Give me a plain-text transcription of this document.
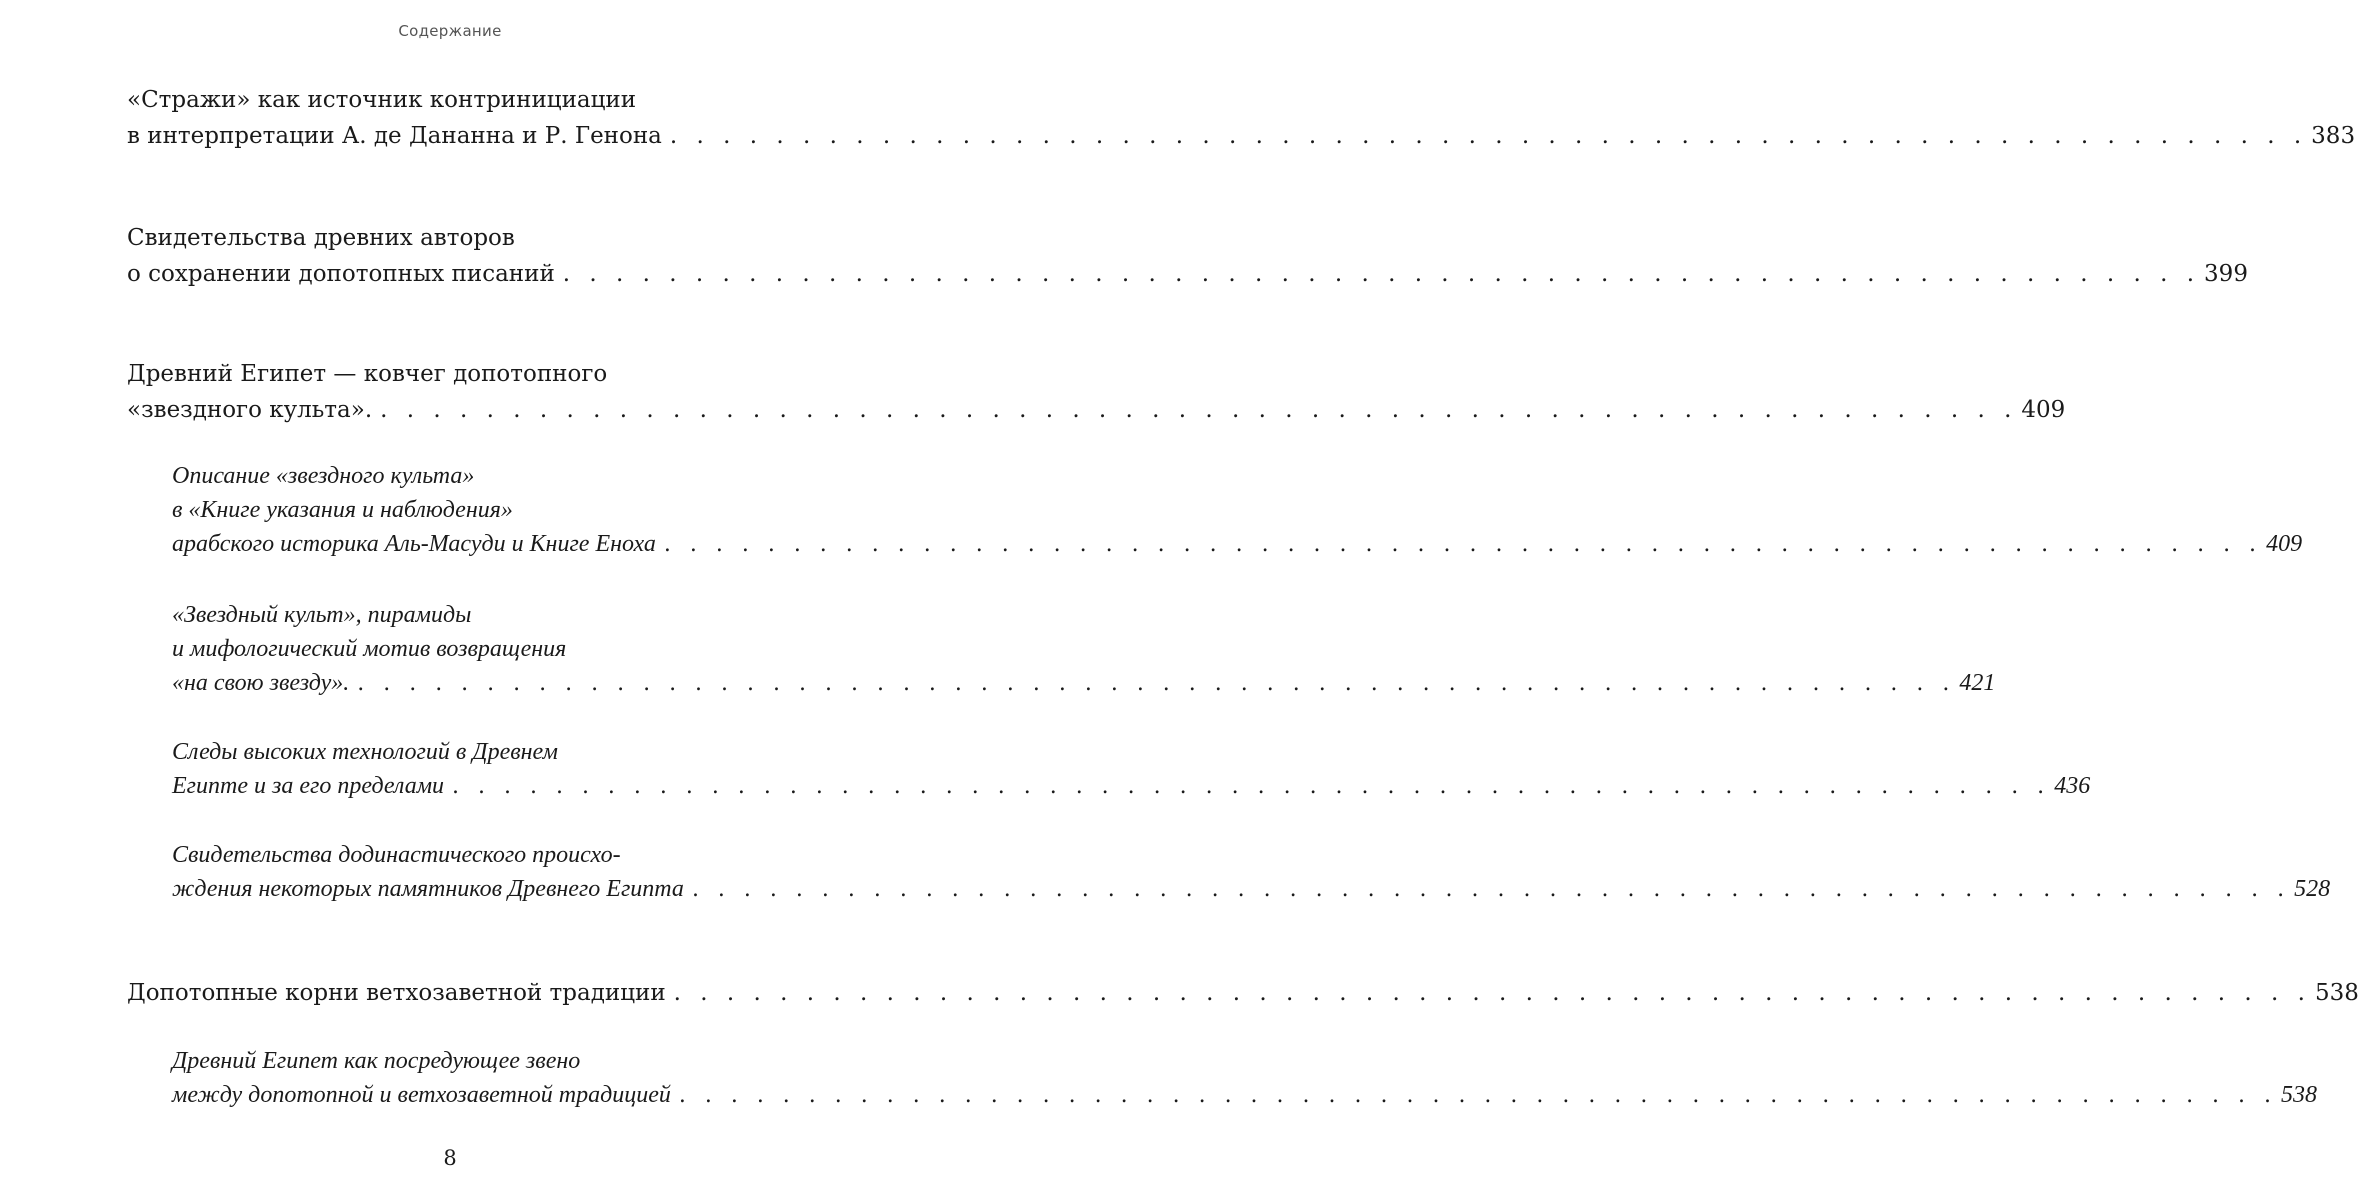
Содержание
«Стражи» как источник контринициации
в интерпретации А. де Дананна и Р. Генона . . . . . . . . . . . . . . . . . . . . . . . . . . . . . . . . . . . . . . . . . . . . . . . . . . . . . . . . . . . . . . 383
Свидетельства древних авторов
о сохранении допотопных писаний . . . . . . . . . . . . . . . . . . . . . . . . . . . . . . . . . . . . . . . . . . . . . . . . . . . . . . . . . . . . . . 399
Древний Египет — ковчег допотопного
«звездного культа». . . . . . . . . . . . . . . . . . . . . . . . . . . . . . . . . . . . . . . . . . . . . . . . . . . . . . . . . . . . . . . 409
Описание «звездного культа»
в «Книге указания и наблюдения»
арабского историка Аль-Масуди и Книге Еноха . . . . . . . . . . . . . . . . . . . . . . . . . . . . . . . . . . . . . . . . . . . . . . . . . . . . . . . . . . . . . . 409
«Звездный культ», пирамиды
и мифологический мотив возвращения
«на свою звезду». . . . . . . . . . . . . . . . . . . . . . . . . . . . . . . . . . . . . . . . . . . . . . . . . . . . . . . . . . . . . . . 421
Следы высоких технологий в Древнем
Египте и за его пределами . . . . . . . . . . . . . . . . . . . . . . . . . . . . . . . . . . . . . . . . . . . . . . . . . . . . . . . . . . . . . . 436
Свидетельства додинастического происхо-
ждения некоторых памятников Древнего Египта . . . . . . . . . . . . . . . . . . . . . . . . . . . . . . . . . . . . . . . . . . . . . . . . . . . . . . . . . . . . . . 528
Допотопные корни ветхозаветной традиции . . . . . . . . . . . . . . . . . . . . . . . . . . . . . . . . . . . . . . . . . . . . . . . . . . . . . . . . . . . . . . 538
Древний Египет как посредующее звено
между допотопной и ветхозаветной традицией . . . . . . . . . . . . . . . . . . . . . . . . . . . . . . . . . . . . . . . . . . . . . . . . . . . . . . . . . . . . . . 538
8
